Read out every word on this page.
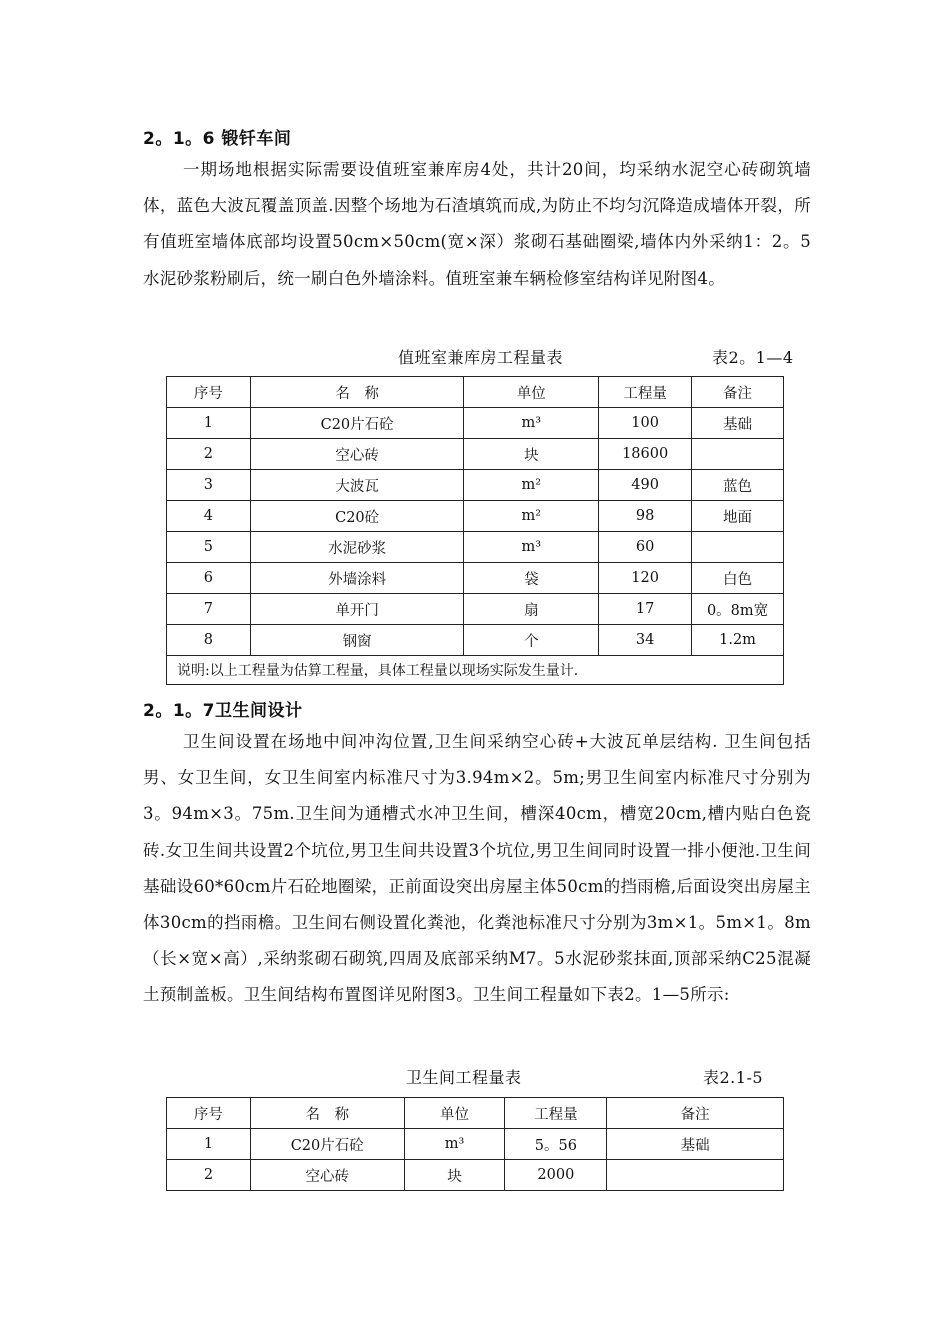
2。1。6 锻钎车间

一期场地根据实际需要设值班室兼库房4处，共计20间，均采纳水泥空心砖砌筑墙体，蓝色大波瓦覆盖顶盖.因整个场地为石渣填筑而成,为防止不均匀沉降造成墙体开裂，所有值班室墙体底部均设置50cm×50cm(宽×深）浆砌石基础圈梁,墙体内外采纳1：2。5水泥砂浆粉刷后，统一刷白色外墙涂料。值班室兼车辆检修室结构详见附图4。

值班室兼库房工程量表	表2。1—4
序号	名　称	单位	工程量	备注
1	C20片石砼	m³	100	基础
2	空心砖	块	18600	
3	大波瓦	m²	490	蓝色
4	C20砼	m²	98	地面
5	水泥砂浆	m³	60	
6	外墙涂料	袋	120	白色
7	单开门	扇	17	0。8m宽
8	钢窗	个	34	1.2m
说明:以上工程量为估算工程量，具体工程量以现场实际发生量计.				
2。1。7卫生间设计

卫生间设置在场地中间冲沟位置,卫生间采纳空心砖+大波瓦单层结构. 卫生间包括男、女卫生间，女卫生间室内标准尺寸为3.94m×2。5m;男卫生间室内标准尺寸分别为3。94m×3。75m.卫生间为通槽式水冲卫生间，槽深40cm，槽宽20cm,槽内贴白色瓷砖.女卫生间共设置2个坑位,男卫生间共设置3个坑位,男卫生间同时设置一排小便池.卫生间基础设60*60cm片石砼地圈梁，正前面设突出房屋主体50cm的挡雨檐,后面设突出房屋主体30cm的挡雨檐。卫生间右侧设置化粪池，化粪池标准尺寸分别为3m×1。5m×1。8m（长×宽×高）,采纳浆砌石砌筑,四周及底部采纳M7。5水泥砂浆抹面,顶部采纳C25混凝土预制盖板。卫生间结构布置图详见附图3。卫生间工程量如下表2。1—5所示:

卫生间工程量表	表2.1-5
序号	名　称	单位	工程量	备注
1	C20片石砼	m³	5。56	基础
2	空心砖	块	2000	
